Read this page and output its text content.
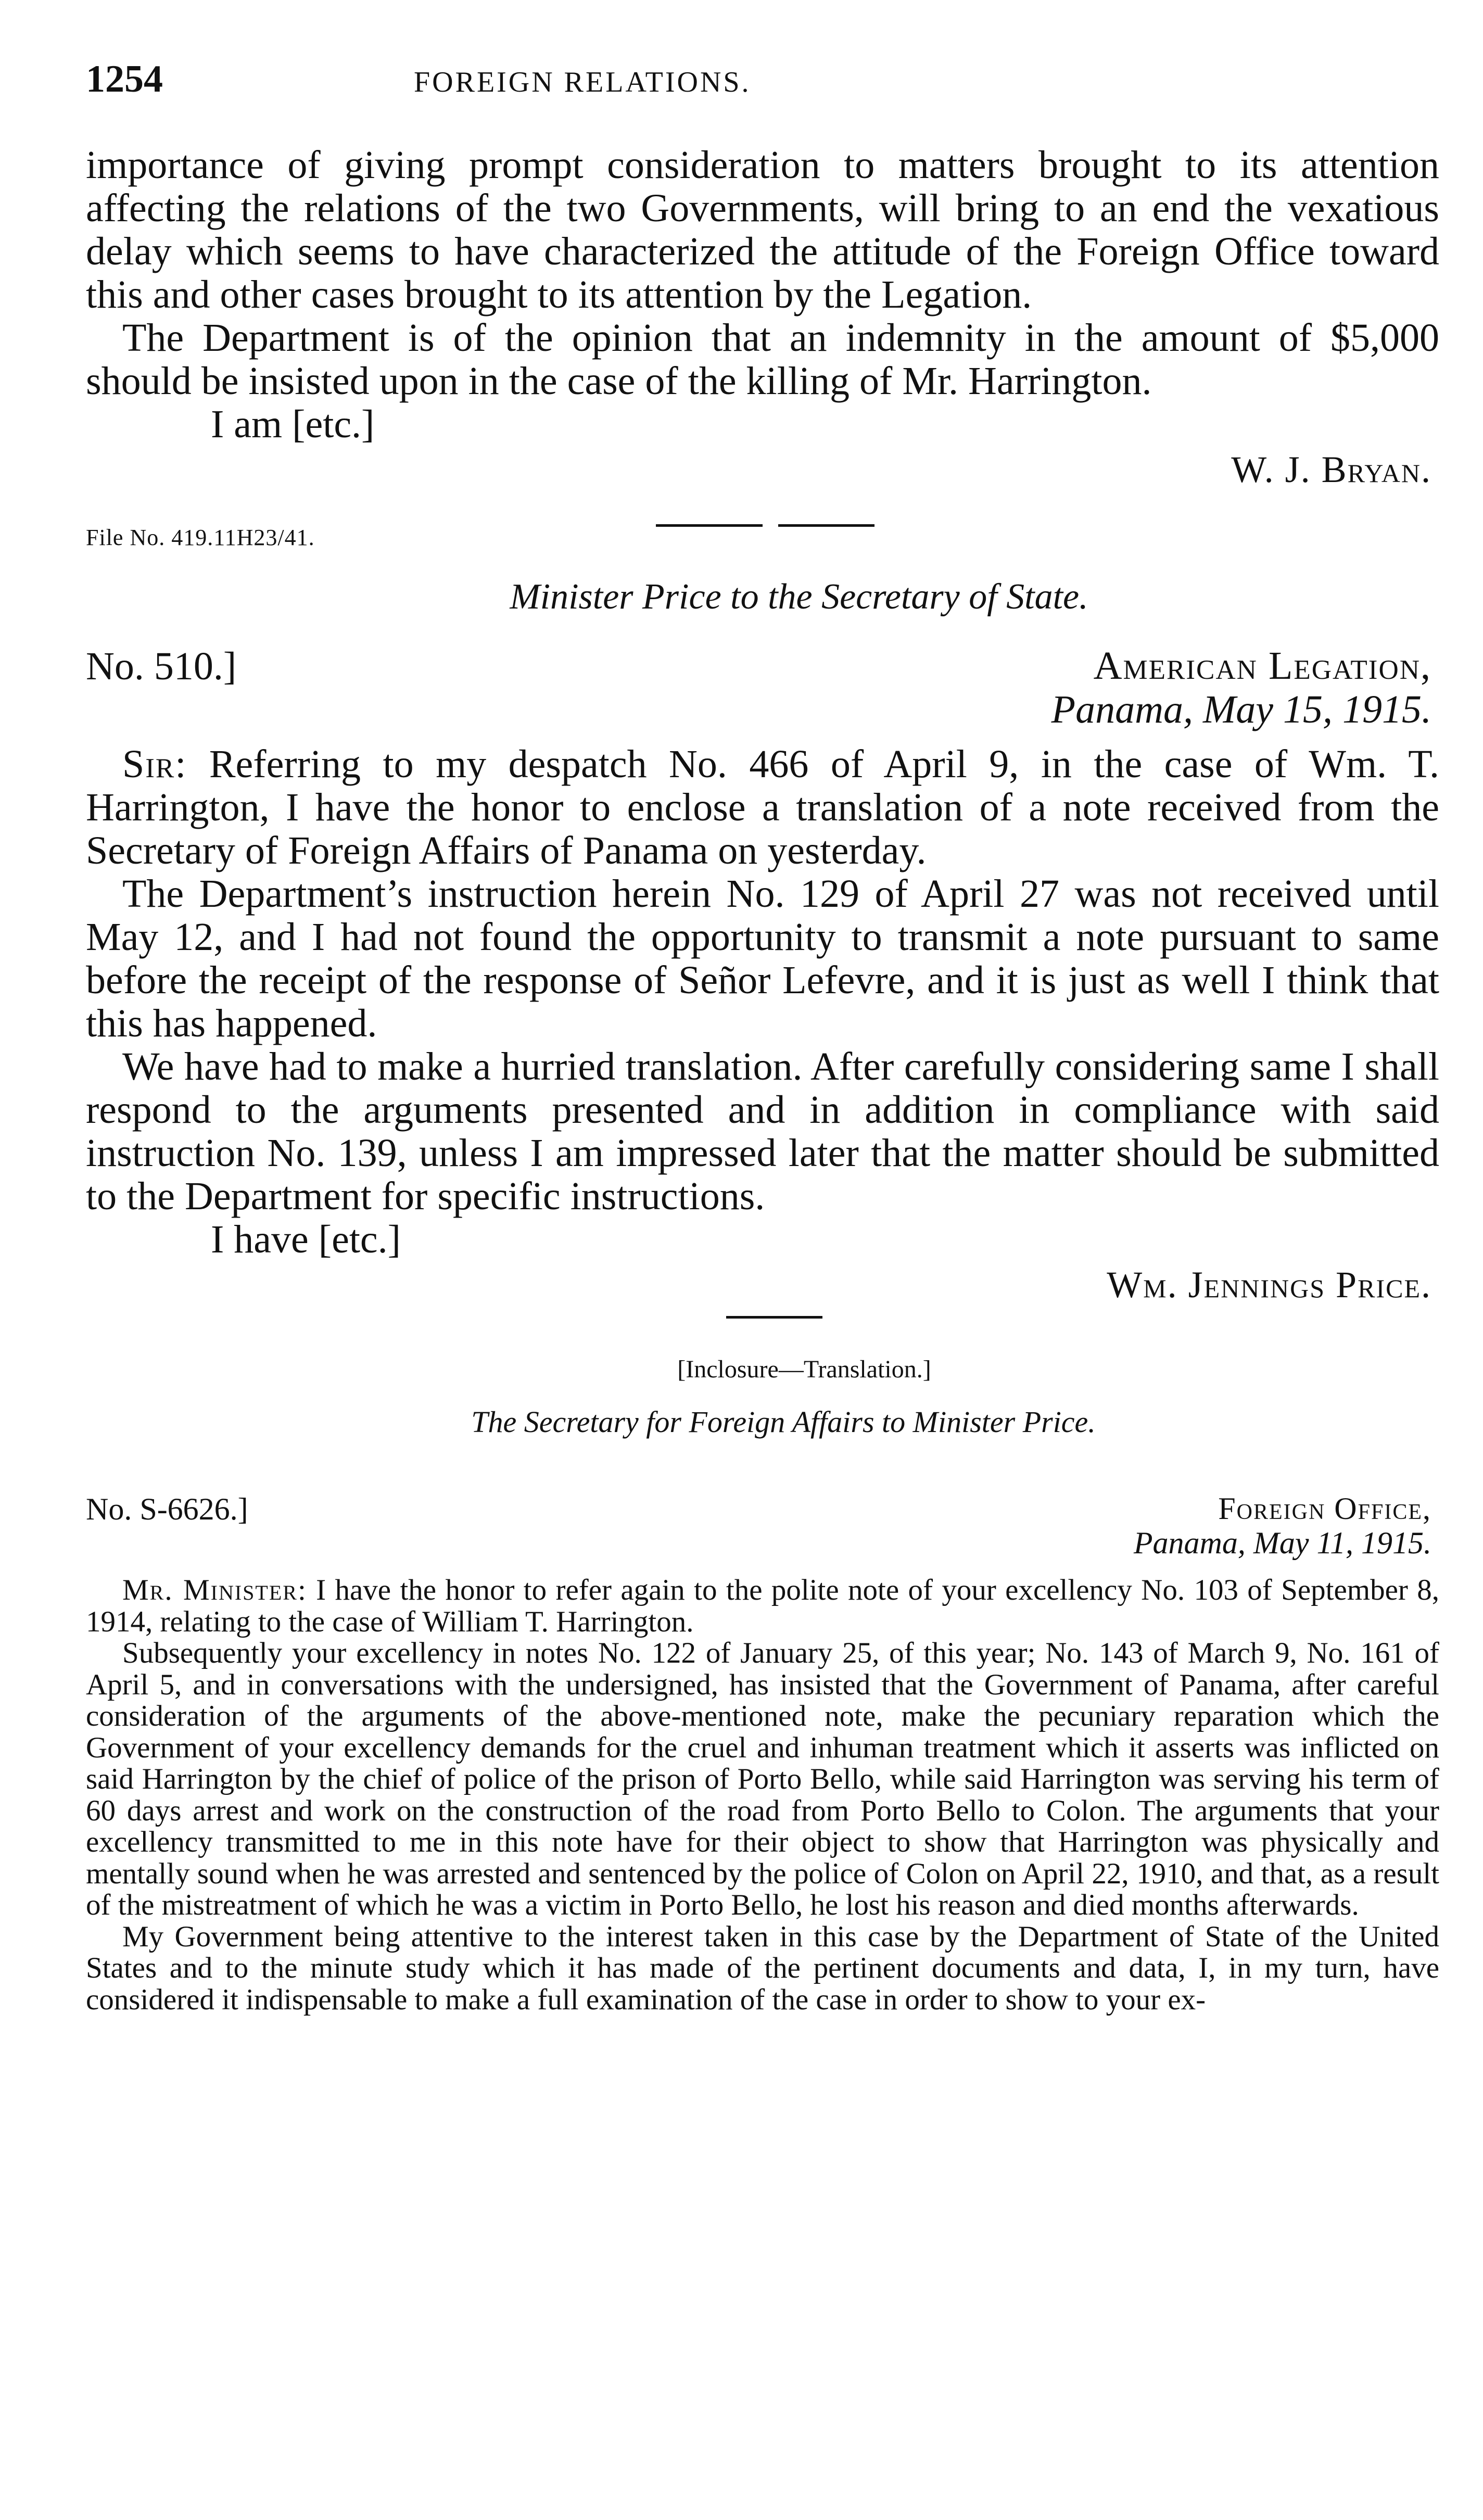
1254	FOREIGN RELATIONS.

importance of giving prompt consideration to matters brought to its attention affecting the relations of the two Governments, will bring to an end the vexatious delay which seems to have characterized the attitude of the Foreign Office toward this and other cases brought to its attention by the Legation.

The Department is of the opinion that an indemnity in the amount of $5,000 should be insisted upon in the case of the killing of Mr. Harrington.

I am [etc.]

W. J. Bryan.

File No. 419.11H23/41.
Minister Price to the Secretary of State.
No. 510.]	American Legation,
Panama, May 15, 1915.

Sir: Referring to my despatch No. 466 of April 9, in the case of Wm. T. Harrington, I have the honor to enclose a translation of a note received from the Secretary of Foreign Affairs of Panama on yesterday.

The Department’s instruction herein No. 129 of April 27 was not received until May 12, and I had not found the opportunity to transmit a note pursuant to same before the receipt of the response of Señor Lefevre, and it is just as well I think that this has happened.

We have had to make a hurried translation. After carefully considering same I shall respond to the arguments presented and in addition in compliance with said instruction No. 139, unless I am impressed later that the matter should be submitted to the Department for specific instructions.

I have [etc.]

Wm. Jennings Price.

[Inclosure—Translation.]
The Secretary for Foreign Affairs to Minister Price.
No. S-6626.]	Foreign Office,
Panama, May 11, 1915.

Mr. Minister: I have the honor to refer again to the polite note of your excellency No. 103 of September 8, 1914, relating to the case of William T. Harrington.

Subsequently your excellency in notes No. 122 of January 25, of this year; No. 143 of March 9, No. 161 of April 5, and in conversations with the undersigned, has insisted that the Government of Panama, after careful consideration of the arguments of the above-mentioned note, make the pecuniary reparation which the Government of your excellency demands for the cruel and inhuman treatment which it asserts was inflicted on said Harrington by the chief of police of the prison of Porto Bello, while said Harrington was serving his term of 60 days arrest and work on the construction of the road from Porto Bello to Colon. The arguments that your excellency transmitted to me in this note have for their object to show that Harrington was physically and mentally sound when he was arrested and sentenced by the police of Colon on April 22, 1910, and that, as a result of the mistreatment of which he was a victim in Porto Bello, he lost his reason and died months afterwards.

My Government being attentive to the interest taken in this case by the Department of State of the United States and to the minute study which it has made of the pertinent documents and data, I, in my turn, have considered it indispensable to make a full examination of the case in order to show to your ex-
